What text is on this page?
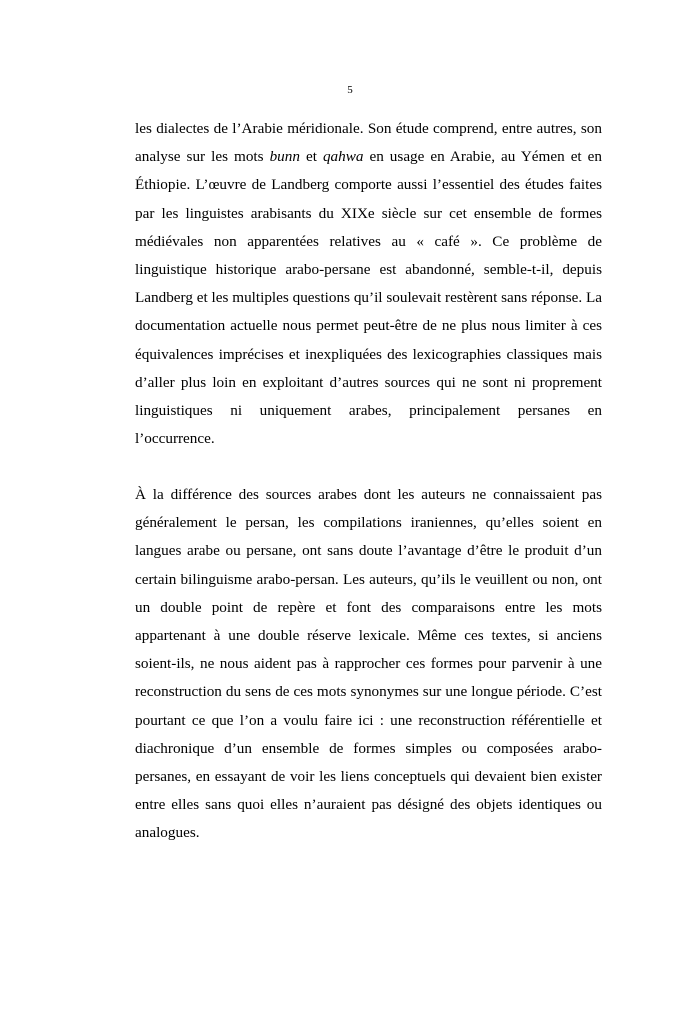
5

les dialectes de l’Arabie méridionale. Son étude comprend, entre autres, son analyse sur les mots bunn et qahwa en usage en Arabie, au Yémen et en Éthiopie. L’œuvre de Landberg comporte aussi l’essentiel des études faites par les linguistes arabisants du XIXe siècle sur cet ensemble de formes médiévales non apparentées relatives au « café ». Ce problème de linguistique historique arabo-persane est abandonné, semble-t-il, depuis Landberg et les multiples questions qu’il soulevait restèrent sans réponse. La documentation actuelle nous permet peut-être de ne plus nous limiter à ces équivalences imprécises et inexpliquées des lexicographies classiques mais d’aller plus loin en exploitant d’autres sources qui ne sont ni proprement linguistiques ni uniquement arabes, principalement persanes en l’occurrence.

À la différence des sources arabes dont les auteurs ne connaissaient pas généralement le persan, les compilations iraniennes, qu’elles soient en langues arabe ou persane, ont sans doute l’avantage d’être le produit d’un certain bilinguisme arabo-persan. Les auteurs, qu’ils le veuillent ou non, ont un double point de repère et font des comparaisons entre les mots appartenant à une double réserve lexicale. Même ces textes, si anciens soient-ils, ne nous aident pas à rapprocher ces formes pour parvenir à une reconstruction du sens de ces mots synonymes sur une longue période. C’est pourtant ce que l’on a voulu faire ici : une reconstruction référentielle et diachronique d’un ensemble de formes simples ou composées arabo-persanes, en essayant de voir les liens conceptuels qui devaient bien exister entre elles sans quoi elles n’auraient pas désigné des objets identiques ou analogues.
